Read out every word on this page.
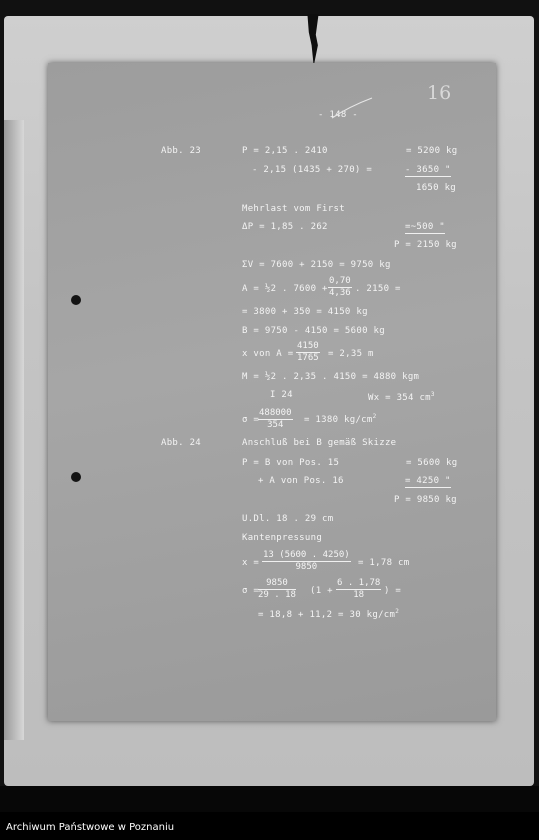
- 148 -
Abb. 23	P = 2,15 . 2410	= 5200 kg
- 2,15 (1435 + 270) =	- 3650 "
1650 kg
Mehrlast vom First
ΔP = 1,85 . 262	=~500 "
P = 2150 kg
ΣV = 7600 + 2150 = 9750 kg
A = ½2 . $7600 + \frac{0,70}{4,36}$ . 2150 =
= 3800 + 350 = 4150 kg
B = 9750 - 4150 = 5600 kg
x von $A = \frac{4150}{1765} = 2,35$ m
M = ½2 . 2,35 . 4150 = 4880 kgm
I 24	Wx = 354 $cm^3$
σ =
$\frac{488000}{354} = 1380$ $kg/cm^2$
Abb. 24	Anschluß bei B gemäß Skizze
P = B von Pos. 15	= 5600 kg
+ A von Pos. 16	= 4250 "
P = 9850 kg
U.Dl. 18 . 29 cm
Kantenpressung
$x = \frac{13 (5600 . 4250)}{9850} = 1,78$ cm
σ =
$\frac{9850}{29 . 18} (1 + \frac{6 . 1,78}{18}$ ) =
= 18,8 + 11,2 = 30 $kg/cm^2$
16
Archiwum Państwowe w Poznaniu
